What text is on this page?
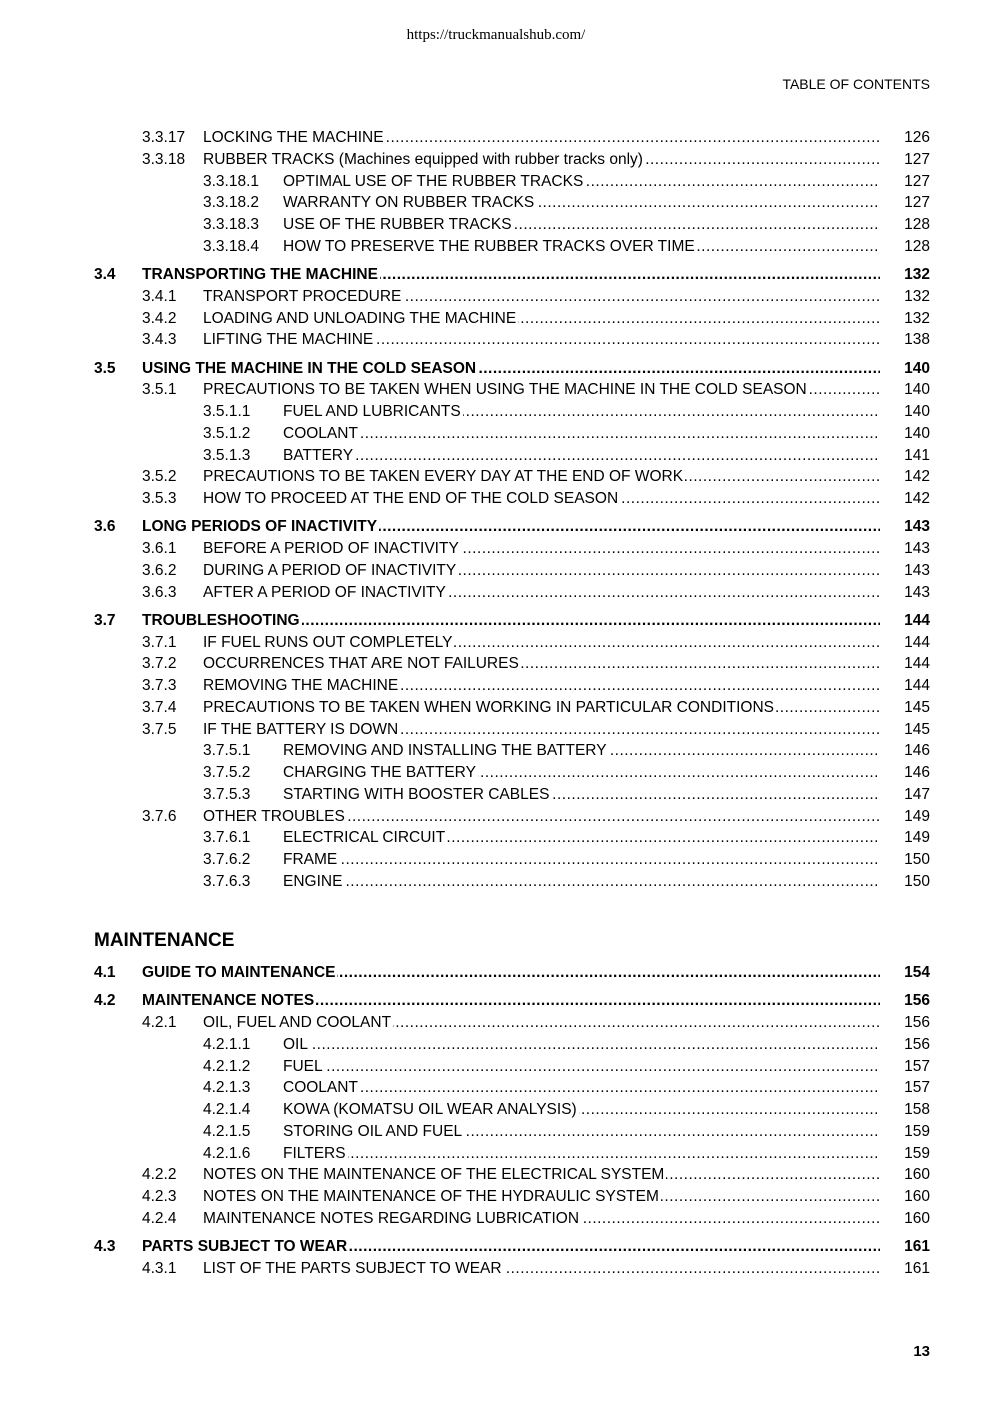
https://truckmanualshub.com/
TABLE OF CONTENTS
3.3.17 LOCKING THE MACHINE .....	126
3.3.18 RUBBER TRACKS (Machines equipped with rubber tracks only) .....	127
3.3.18.1 OPTIMAL USE OF THE RUBBER TRACKS .....	127
3.3.18.2 WARRANTY ON RUBBER TRACKS .....	127
3.3.18.3 USE OF THE RUBBER TRACKS .....	128
3.3.18.4 HOW TO PRESERVE THE RUBBER TRACKS OVER TIME .....	128
3.4 TRANSPORTING THE MACHINE .....	132
3.4.1 TRANSPORT PROCEDURE .....	132
3.4.2 LOADING AND UNLOADING THE MACHINE .....	132
3.4.3 LIFTING THE MACHINE .....	138
3.5 USING THE MACHINE IN THE COLD SEASON .....	140
3.5.1 PRECAUTIONS TO BE TAKEN WHEN USING THE MACHINE IN THE COLD SEASON .....	140
3.5.1.1 FUEL AND LUBRICANTS .....	140
3.5.1.2 COOLANT .....	140
3.5.1.3 BATTERY .....	141
3.5.2 PRECAUTIONS TO BE TAKEN EVERY DAY AT THE END OF WORK .....	142
3.5.3 HOW TO PROCEED AT THE END OF THE COLD SEASON .....	142
3.6 LONG PERIODS OF INACTIVITY .....	143
3.6.1 BEFORE A PERIOD OF INACTIVITY .....	143
3.6.2 DURING A PERIOD OF INACTIVITY .....	143
3.6.3 AFTER A PERIOD OF INACTIVITY .....	143
3.7 TROUBLESHOOTING .....	144
3.7.1 IF FUEL RUNS OUT COMPLETELY .....	144
3.7.2 OCCURRENCES THAT ARE NOT FAILURES .....	144
3.7.3 REMOVING THE MACHINE .....	144
3.7.4 PRECAUTIONS TO BE TAKEN WHEN WORKING IN PARTICULAR CONDITIONS .....	145
3.7.5 IF THE BATTERY IS DOWN .....	145
3.7.5.1 REMOVING AND INSTALLING THE BATTERY .....	146
3.7.5.2 CHARGING THE BATTERY .....	146
3.7.5.3 STARTING WITH BOOSTER CABLES .....	147
3.7.6 OTHER TROUBLES .....	149
3.7.6.1 ELECTRICAL CIRCUIT .....	149
3.7.6.2 FRAME .....	150
3.7.6.3 ENGINE .....	150
4.1 GUIDE TO MAINTENANCE .....	154
4.2 MAINTENANCE NOTES .....	156
4.2.1 OIL, FUEL AND COOLANT .....	156
4.2.1.1 OIL .....	156
4.2.1.2 FUEL .....	157
4.2.1.3 COOLANT .....	157
4.2.1.4 KOWA (KOMATSU OIL WEAR ANALYSIS) .....	158
4.2.1.5 STORING OIL AND FUEL .....	159
4.2.1.6 FILTERS .....	159
4.2.2 NOTES ON THE MAINTENANCE OF THE ELECTRICAL SYSTEM .....	160
4.2.3 NOTES ON THE MAINTENANCE OF THE HYDRAULIC SYSTEM .....	160
4.2.4 MAINTENANCE NOTES REGARDING LUBRICATION .....	160
4.3 PARTS SUBJECT TO WEAR .....	161
4.3.1 LIST OF THE PARTS SUBJECT TO WEAR .....	161
MAINTENANCE
13
